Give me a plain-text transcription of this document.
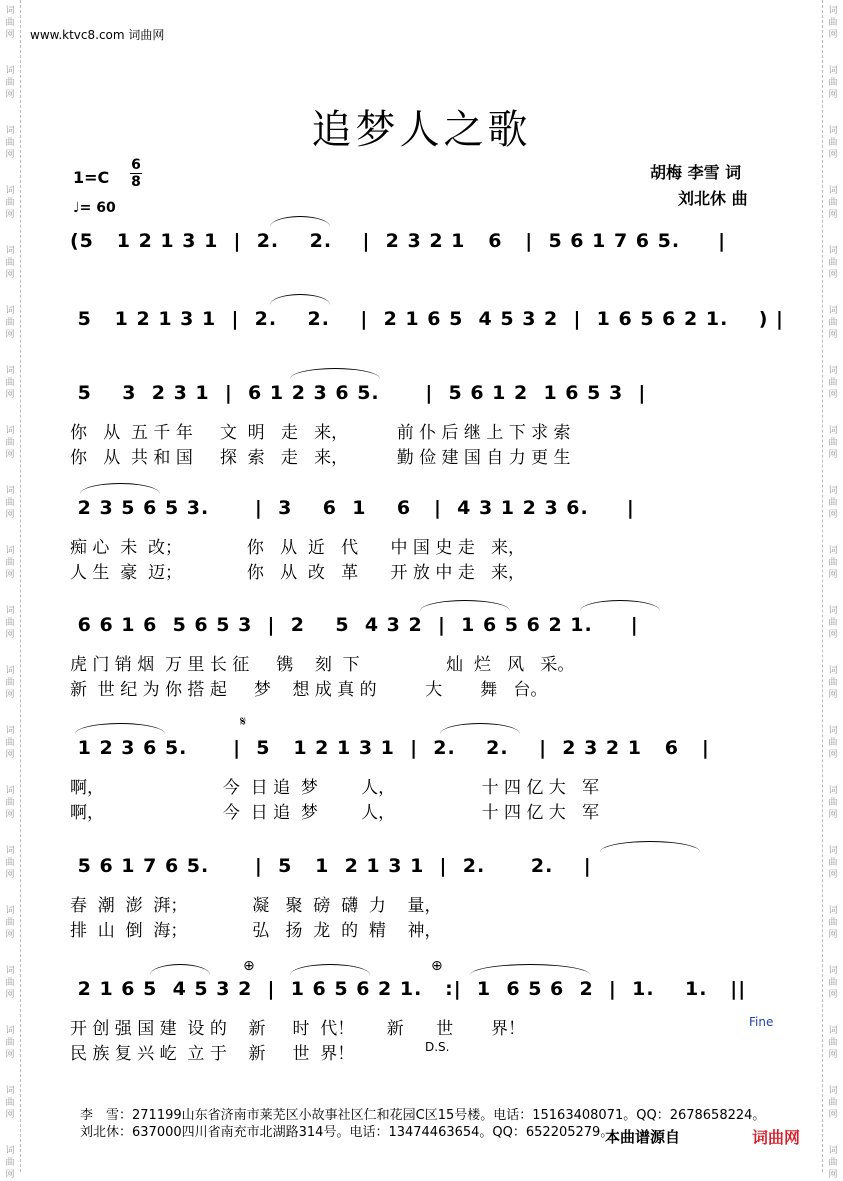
词
曲
网
词
曲
网
词
曲
网
词
曲
网
词
曲
网
词
曲
网
词
曲
网
词
曲
网
词
曲
网
词
曲
网
词
曲
网
词
曲
网
词
曲
网
词
曲
网
词
曲
网
词
曲
网
词
曲
网
词
曲
网
词
曲
网
词
曲
网
词
曲
网
词
曲
网
词
曲
网
词
曲
网
词
曲
网
词
曲
网
词
曲
网
词
曲
网
词
曲
网
词
曲
网
词
曲
网
词
曲
网
词
曲
网
词
曲
网
词
曲
网
词
曲
网
词
曲
网
词
曲
网
词
曲
网
词
曲
网
www.ktvc8.com 词曲网
追梦人之歌
1=C
6
8
♩= 60
胡梅 李雪 词
刘北休 曲
(5   1 2 1 3 1  |  2.    2.    |  2 3 2 1   6   |  5 6 1 7 6 5.     |
5   1 2 1 3 1  |  2.    2.    |  2 1 6 5  4 5 3 2  |  1 6 5 6 2 1.    ) |
5    3  2 3 1  |  6 1 2 3 6 5.      |  5 6 1 2  1 6 5 3  |
你   从  五 千 年     文  明   走   来，         前 仆 后 继 上 下 求 索
你   从  共 和 国     探  索   走   来，         勤 俭 建 国 自 力 更 生
2 3 5 6 5 3.      |  3    6  1    6   |  4 3 1 2 3 6.     |
痴 心  未  改；            你   从  近   代      中 国 史 走   来，
人 生  豪  迈；            你   从  改   革      开 放 中 走   来，
6 6 1 6  5 6 5 3  |  2    5  4 3 2  |  1 6 5 6 2 1.     |
虎 门 销 烟  万 里 长 征     镌    刻  下                灿  烂   风   采。
新  世 纪 为 你 搭 起     梦    想 成 真 的         大       舞   台。
1 2 3 6 5.      |  5   1 2 1 3 1  |  2.    2.    |  2 3 2 1   6   |
啊，                      今  日 追  梦        人，                十 四 亿 大   军
啊，                      今  日 追  梦        人，                十 四 亿 大   军
5 6 1 7 6 5.      |  5   1  2 1 3 1  |  2.      2.    |
春  潮  澎  湃；            凝   聚  磅  礴  力    量，
排  山  倒  海；            弘   扬  龙  的  精    神，
2 1 6 5  4 5 3 2  |  1 6 5 6 2 1.   :|  1  6 5 6  2  |  1.    1.   ||
开 创 强 国 建  设 的    新     时  代！      新      世       界！
民 族 复 兴 屹  立 于    新     世  界！
𝄋
⊕	⊕
D.S.
Fine
李　雪：271199山东省济南市莱芜区小故事社区仁和花园C区15号楼。电话：15163408071。QQ：2678658224。
刘北休：637000四川省南充市北湖路314号。电话：13474463654。QQ：652205279。
本曲谱源自	词曲网
